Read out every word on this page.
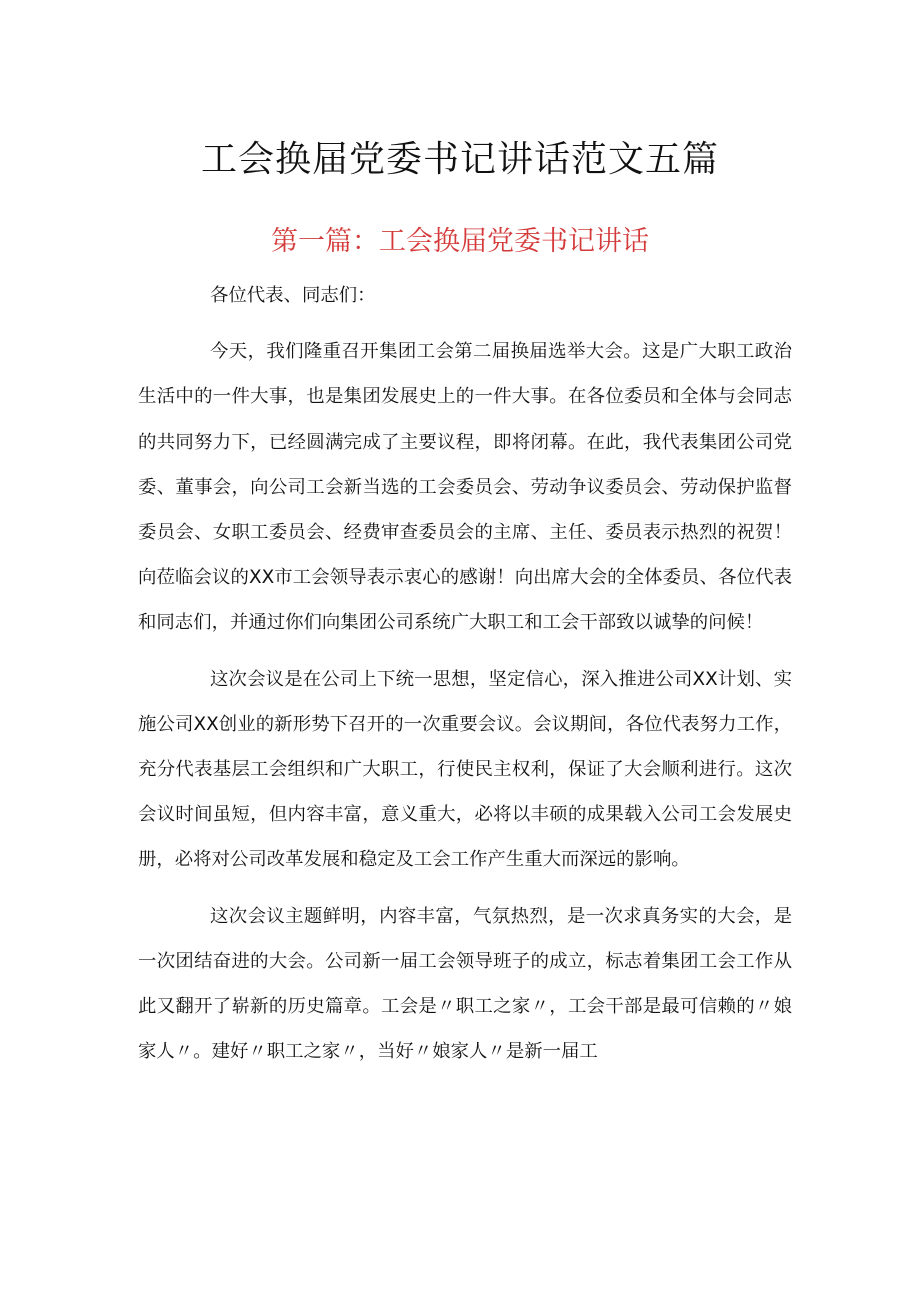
工会换届党委书记讲话范文五篇
第一篇：工会换届党委书记讲话

各位代表、同志们：

今天，我们隆重召开集团工会第二届换届选举大会。这是广大职工政治生活中的一件大事，也是集团发展史上的一件大事。在各位委员和全体与会同志的共同努力下，已经圆满完成了主要议程，即将闭幕。在此，我代表集团公司党委、董事会，向公司工会新当选的工会委员会、劳动争议委员会、劳动保护监督委员会、女职工委员会、经费审查委员会的主席、主任、委员表示热烈的祝贺！向莅临会议的XX市工会领导表示衷心的感谢！向出席大会的全体委员、各位代表和同志们，并通过你们向集团公司系统广大职工和工会干部致以诚挚的问候！

这次会议是在公司上下统一思想，坚定信心，深入推进公司XX计划、实施公司XX创业的新形势下召开的一次重要会议。会议期间，各位代表努力工作，充分代表基层工会组织和广大职工，行使民主权利，保证了大会顺利进行。这次会议时间虽短，但内容丰富，意义重大，必将以丰硕的成果载入公司工会发展史册，必将对公司改革发展和稳定及工会工作产生重大而深远的影响。

这次会议主题鲜明，内容丰富，气氛热烈，是一次求真务实的大会，是一次团结奋进的大会。公司新一届工会领导班子的成立，标志着集团工会工作从此又翻开了崭新的历史篇章。工会是〃职工之家〃，工会干部是最可信赖的〃娘家人〃。建好〃职工之家〃，当好〃娘家人〃是新一届工
